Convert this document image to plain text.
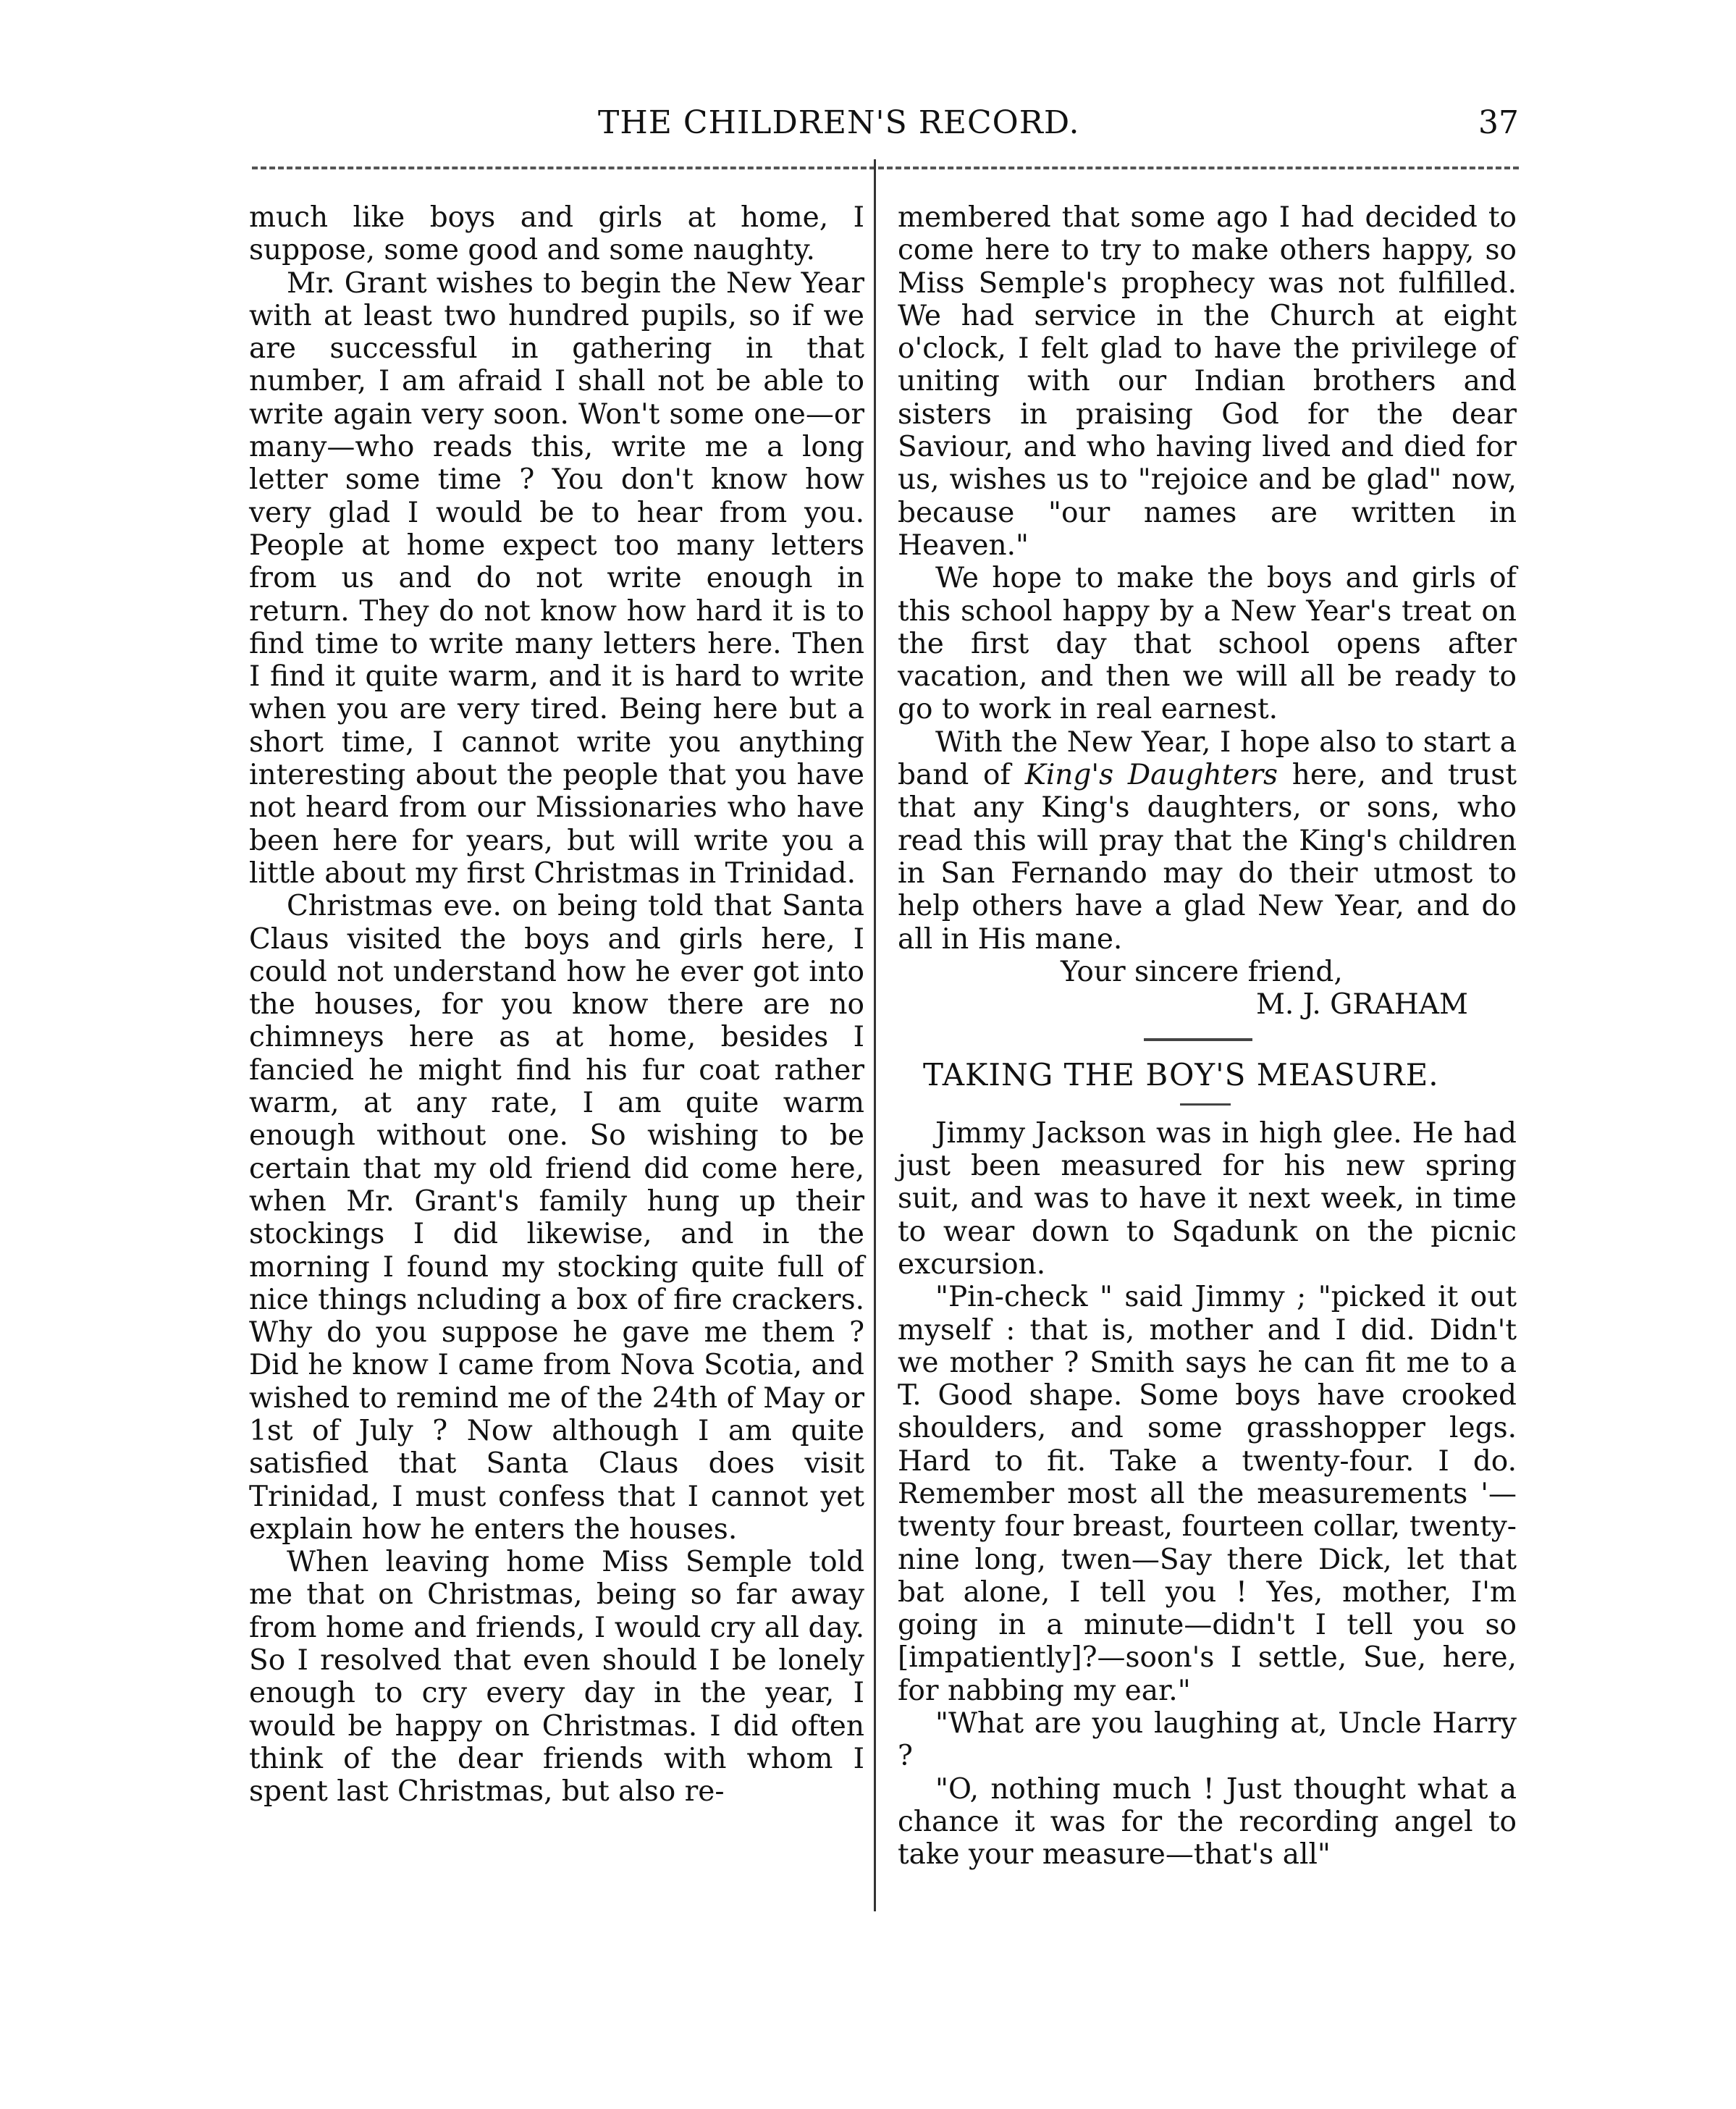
THE CHILDREN'S RECORD.	37

much like boys and girls at home, I suppose, some good and some naughty.

Mr. Grant wishes to begin the New Year with at least two hundred pupils, so if we are successful in gathering in that number, I am afraid I shall not be able to write again very soon. Won't some one—or many—who reads this, write me a long letter some time ? You don't know how very glad I would be to hear from you. People at home expect too many letters from us and do not write enough in return. They do not know how hard it is to find time to write many letters here. Then I find it quite warm, and it is hard to write when you are very tired. Being here but a short time, I cannot write you anything interesting about the people that you have not heard from our Missionaries who have been here for years, but will write you a little about my first Christmas in Trinidad.

Christmas eve. on being told that Santa Claus visited the boys and girls here, I could not understand how he ever got into the houses, for you know there are no chimneys here as at home, besides I fancied he might find his fur coat rather warm, at any rate, I am quite warm enough without one. So wishing to be certain that my old friend did come here, when Mr. Grant's family hung up their stockings I did likewise, and in the morning I found my stocking quite full of nice things ncluding a box of fire crackers. Why do you suppose he gave me them ? Did he know I came from Nova Scotia, and wished to remind me of the 24th of May or 1st of July ? Now although I am quite satisfied that Santa Claus does visit Trinidad, I must confess that I cannot yet explain how he enters the houses.

When leaving home Miss Semple told me that on Christmas, being so far away from home and friends, I would cry all day. So I resolved that even should I be lonely enough to cry every day in the year, I would be happy on Christmas. I did often think of the dear friends with whom I spent last Christmas, but also re-

membered that some ago I had decided to come here to try to make others happy, so Miss Semple's prophecy was not fulfilled. We had service in the Church at eight o'clock, I felt glad to have the privilege of uniting with our Indian brothers and sisters in praising God for the dear Saviour, and who having lived and died for us, wishes us to "rejoice and be glad" now, because "our names are written in Heaven."

We hope to make the boys and girls of this school happy by a New Year's treat on the first day that school opens after vacation, and then we will all be ready to go to work in real earnest.

With the New Year, I hope also to start a band of King's Daughters here, and trust that any King's daughters, or sons, who read this will pray that the King's children in San Fernando may do their utmost to help others have a glad New Year, and do all in His mane.

Your sincere friend,

M. J. GRAHAM

TAKING THE BOY'S MEASURE.

Jimmy Jackson was in high glee. He had just been measured for his new spring suit, and was to have it next week, in time to wear down to Sqadunk on the picnic excursion.

"Pin-check " said Jimmy ; "picked it out myself : that is, mother and I did. Didn't we mother ? Smith says he can fit me to a T. Good shape. Some boys have crooked shoulders, and some grasshopper legs. Hard to fit. Take a twenty-four. I do. Remember most all the measurements '—twenty four breast, fourteen collar, twenty-nine long, twen—Say there Dick, let that bat alone, I tell you ! Yes, mother, I'm going in a minute—didn't I tell you so [impatiently]?—soon's I settle, Sue, here, for nabbing my ear."

"What are you laughing at, Uncle Harry ?

"O, nothing much ! Just thought what a chance it was for the recording angel to take your measure—that's all"
